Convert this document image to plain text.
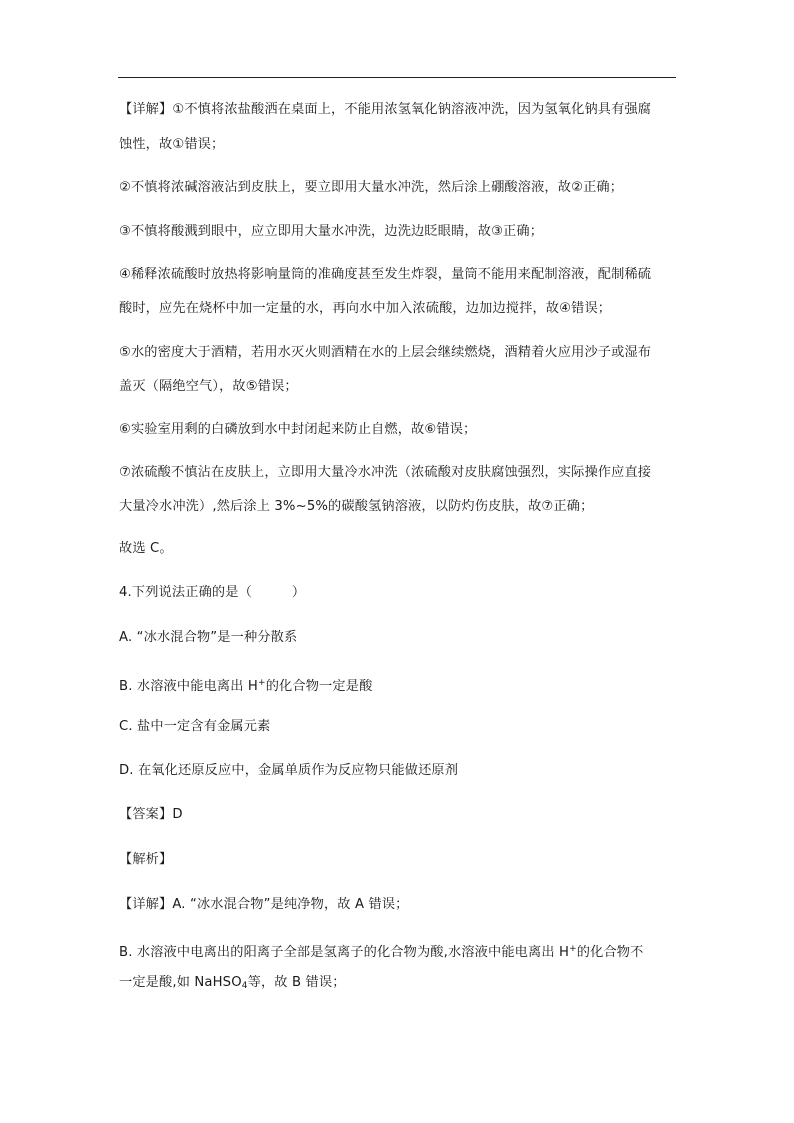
【详解】①不慎将浓盐酸洒在桌面上，不能用浓氢氧化钠溶液冲洗，因为氢氧化钠具有强腐
蚀性，故①错误；
②不慎将浓碱溶液沾到皮肤上，要立即用大量水冲洗，然后涂上硼酸溶液，故②正确；
③不慎将酸溅到眼中，应立即用大量水冲洗，边洗边眨眼睛，故③正确；
④稀释浓硫酸时放热将影响量筒的准确度甚至发生炸裂，量筒不能用来配制溶液，配制稀硫
酸时，应先在烧杯中加一定量的水，再向水中加入浓硫酸，边加边搅拌，故④错误；
⑤水的密度大于酒精，若用水灭火则酒精在水的上层会继续燃烧，酒精着火应用沙子或湿布
盖灭（隔绝空气），故⑤错误；
⑥实验室用剩的白磷放到水中封闭起来防止自燃，故⑥错误；
⑦浓硫酸不慎沾在皮肤上，立即用大量冷水冲洗（浓硫酸对皮肤腐蚀强烈，实际操作应直接
大量冷水冲洗）,然后涂上 3%~5%的碳酸氢钠溶液，以防灼伤皮肤，故⑦正确；
故选 C。
4.下列说法正确的是（　　　）
A. “冰水混合物”是一种分散系
B. 水溶液中能电离出 H+的化合物一定是酸
C. 盐中一定含有金属元素
D. 在氧化还原反应中，金属单质作为反应物只能做还原剂
【答案】D
【解析】
【详解】A. “冰水混合物”是纯净物，故 A 错误；
B. 水溶液中电离出的阳离子全部是氢离子的化合物为酸,水溶液中能电离出 H+的化合物不
一定是酸,如 NaHSO$_4$等，故 B 错误；
